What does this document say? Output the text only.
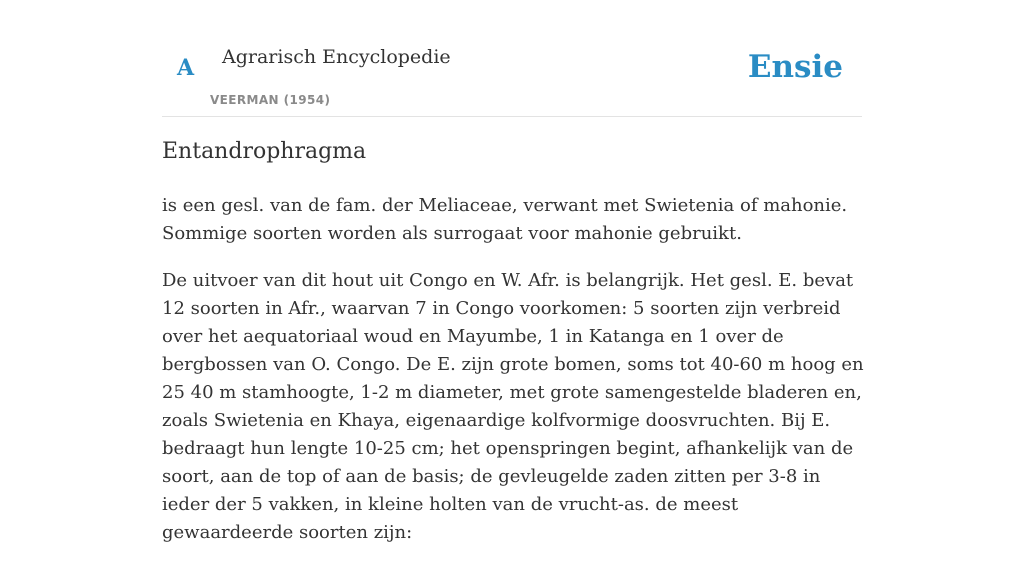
A Agrarisch Encyclopedie
VEERMAN (1954)
Ensie
Entandrophragma

is een gesl. van de fam. der Meliaceae, verwant met Swietenia of mahonie. Sommige soorten worden als surrogaat voor mahonie gebruikt.

De uitvoer van dit hout uit Congo en W. Afr. is belangrijk. Het gesl. E. bevat 12 soorten in Afr., waarvan 7 in Congo voorkomen: 5 soorten zijn verbreid over het aequatoriaal woud en Mayumbe, 1 in Katanga en 1 over de bergbossen van O. Congo. De E. zijn grote bomen, soms tot 40-60 m hoog en 25 40 m stamhoogte, 1-2 m diameter, met grote samengestelde bladeren en, zoals Swietenia en Khaya, eigenaardige kolfvormige doosvruchten. Bij E. bedraagt hun lengte 10-25 cm; het openspringen begint, afhankelijk van de soort, aan de top of aan de basis; de gevleugelde zaden zitten per 3-8 in ieder der 5 vakken, in kleine holten van de vrucht-as. de meest gewaardeerde soorten zijn:
